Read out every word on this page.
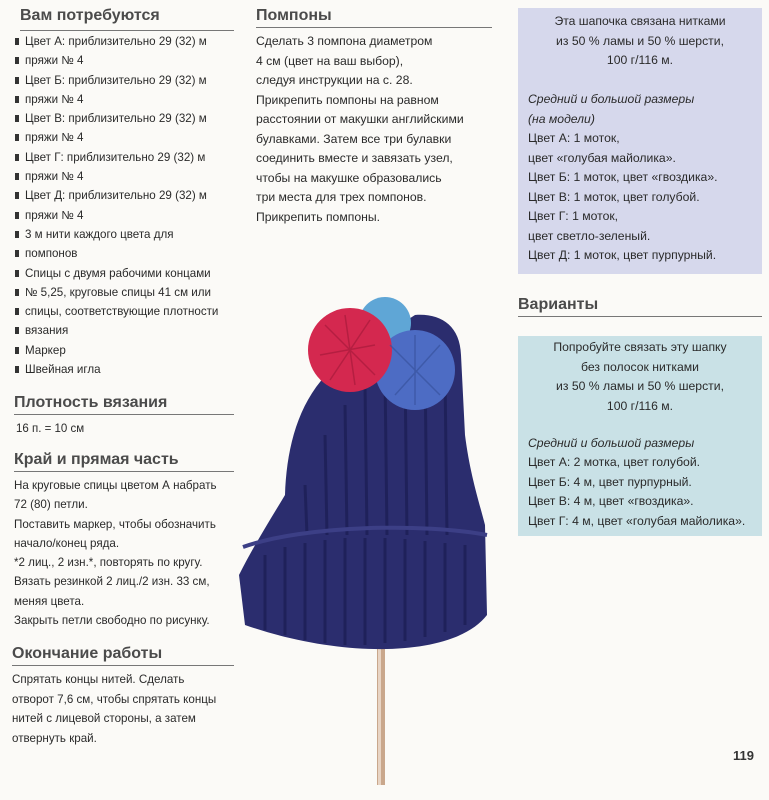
Вам потребуются
Цвет А: приблизительно 29 (32) м
пряжи № 4
Цвет Б: приблизительно 29 (32) м
пряжи № 4
Цвет В: приблизительно 29 (32) м
пряжи № 4
Цвет Г: приблизительно 29 (32) м
пряжи № 4
Цвет Д: приблизительно 29 (32) м
пряжи № 4
3 м нити каждого цвета для
помпонов
Спицы с двумя рабочими концами
№ 5,25, круговые спицы 41 см или
спицы, соответствующие плотности
вязания
Маркер
Швейная игла
Плотность вязания

16 п. = 10 см

Край и прямая часть
На круговые спицы цветом А набрать
72 (80) петли.
Поставить маркер, чтобы обозначить
начало/конец ряда.
*2 лиц., 2 изн.*, повторять по кругу.
Вязать резинкой 2 лиц./2 изн. 33 см,
меняя цвета.
Закрыть петли свободно по рисунку.
Окончание работы
Спрятать концы нитей. Сделать
отворот 7,6 см, чтобы спрятать концы
нитей с лицевой стороны, а затем
отвернуть край.
Помпоны
Сделать 3 помпона диаметром
4 см (цвет на ваш выбор),
следуя инструкции на с. 28.
Прикрепить помпоны на равном
расстоянии от макушки английскими
булавками. Затем все три булавки
соединить вместе и завязать узел,
чтобы на макушке образовались
три места для трех помпонов.
Прикрепить помпоны.
Эта шапочка связана нитками
из 50 % ламы и 50 % шерсти,
100 г/116 м.
Средний и большой размеры
(на модели)
Цвет А: 1 моток,
цвет «голубая майолика».
Цвет Б: 1 моток, цвет «гвоздика».
Цвет В: 1 моток, цвет голубой.
Цвет Г: 1 моток,
цвет светло-зеленый.
Цвет Д: 1 моток, цвет пурпурный.
Варианты
Попробуйте связать эту шапку
без полосок нитками
из 50 % ламы и 50 % шерсти,
100 г/116 м.

Средний и большой размеры

Цвет А: 2 мотка, цвет голубой.
Цвет Б: 4 м, цвет пурпурный.
Цвет В: 4 м, цвет «гвоздика».
Цвет Г: 4 м, цвет «голубая майолика».
119
